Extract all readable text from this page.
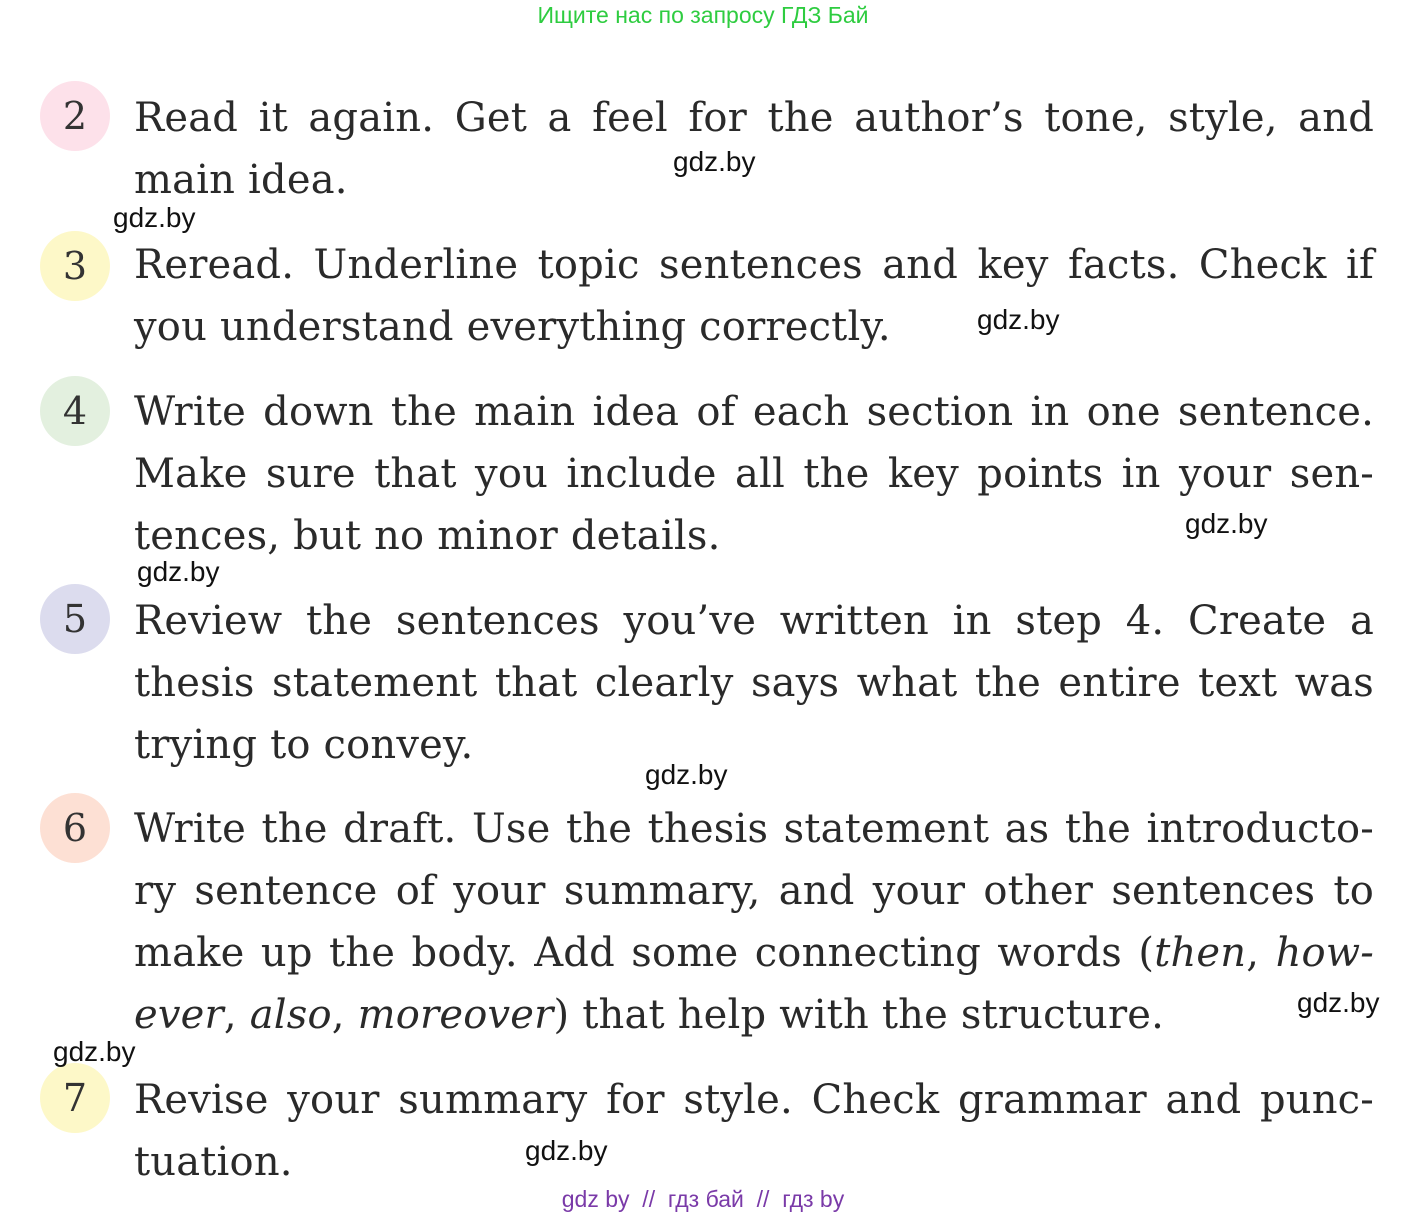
Ищите нас по запросу ГДЗ Бай
2	Read it again. Get a feel for the author’s tone, style, and
main idea.

3	Reread. Underline topic sentences and key facts. Check if
you understand everything correctly.

4	Write down the main idea of each section in one sentence.
Make sure that you include all the key points in your sen-
tences, but no minor details.

5	Review the sentences you’ve written in step 4. Create a
thesis statement that clearly says what the entire text was
trying to convey.

6	Write the draft. Use the thesis statement as the introducto-
ry sentence of your summary, and your other sentences to
make up the body. Add some connecting words (then, how-
ever, also, moreover) that help with the structure.

7	Revise your summary for style. Check grammar and punc-
tuation.

gdz.by
gdz.by
gdz.by
gdz.by
gdz.by
gdz.by
gdz.by
gdz.by
gdz.by
gdz by  //  гдз бай  //  гдз by
